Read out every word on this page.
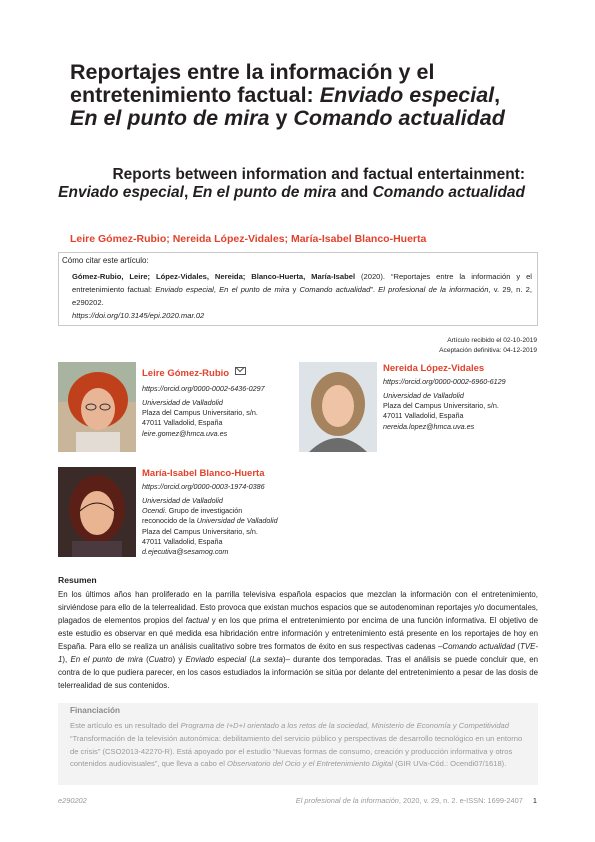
Reportajes entre la información y el entretenimiento factual: Enviado especial, En el punto de mira y Comando actualidad
Reports between information and factual entertainment: Enviado especial, En el punto de mira and Comando actualidad
Leire Gómez-Rubio; Nereida López-Vidales; María-Isabel Blanco-Huerta
Cómo citar este artículo:
Gómez-Rubio, Leire; López-Vidales, Nereida; Blanco-Huerta, María-Isabel (2020). “Reportajes entre la información y el entretenimiento factual: Enviado especial, En el punto de mira y Comando actualidad”. El profesional de la información, v. 29, n. 2, e290202.
https://doi.org/10.3145/epi.2020.mar.02
Artículo recibido el 02-10-2019
Aceptación definitiva: 04-12-2019
Leire Gómez-Rubio
https://orcid.org/0000-0002-6436-0297
Universidad de Valladolid
Plaza del Campus Universitario, s/n.
47011 Valladolid, España
leire.gomez@hmca.uva.es
Nereida López-Vidales
https://orcid.org/0000-0002-6960-6129
Universidad de Valladolid
Plaza del Campus Universitario, s/n.
47011 Valladolid, España
nereida.lopez@hmca.uva.es
María-Isabel Blanco-Huerta
https://orcid.org/0000-0003-1974-0386
Universidad de Valladolid
Ocendi. Grupo de investigación
reconocido de la Universidad de Valladolid
Plaza del Campus Universitario, s/n.
47011 Valladolid, España
d.ejecutiva@sesamog.com
Resumen
En los últimos años han proliferado en la parrilla televisiva española espacios que mezclan la información con el entretenimiento, sirviéndose para ello de la telerrealidad. Esto provoca que existan muchos espacios que se autodenominan reportajes y/o documentales, plagados de elementos propios del factual y en los que prima el entretenimiento por encima de una función informativa. El objetivo de este estudio es observar en qué medida esa hibridación entre información y entretenimiento está presente en los reportajes de hoy en España. Para ello se realiza un análisis cualitativo sobre tres formatos de éxito en sus respectivas cadenas –Comando actualidad (TVE-1), En el punto de mira (Cuatro) y Enviado especial (La sexta)– durante dos temporadas. Tras el análisis se puede concluir que, en contra de lo que pudiera parecer, en los casos estudiados la información se sitúa por delante del entretenimiento a pesar de las dosis de telerrealidad de sus contenidos.
Financiación
Este artículo es un resultado del Programa de I+D+I orientado a los retos de la sociedad, Ministerio de Economía y Competitividad “Transformación de la televisión autonómica: debilitamiento del servicio público y perspectivas de desarrollo tecnológico en un entorno de crisis” (CSO2013-42270-R). Está apoyado por el estudio “Nuevas formas de consumo, creación y producción informativa y otros contenidos audiovisuales”, que lleva a cabo el Observatorio del Ocio y el Entretenimiento Digital (GIR UVa-Cód.: Ocendi07/1618).
e290202	El profesional de la información, 2020, v. 29, n. 2. e-ISSN: 1699-2407 1
